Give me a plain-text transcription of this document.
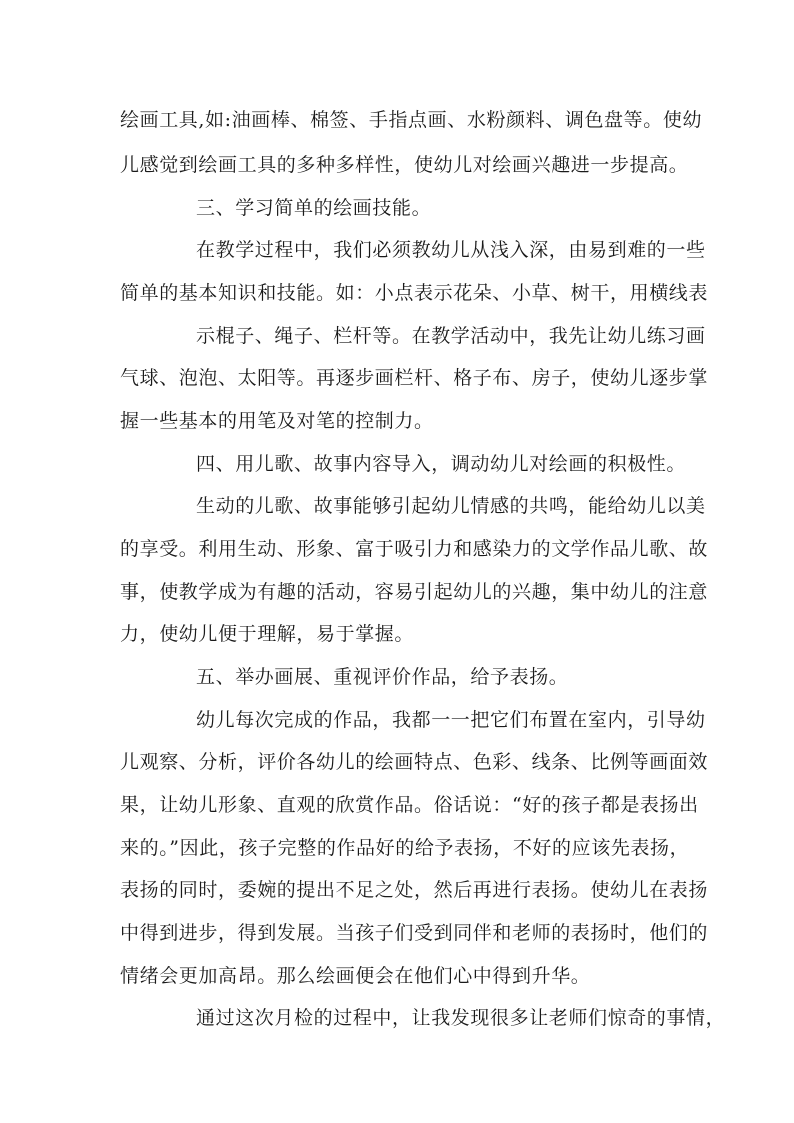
绘画工具,如:油画棒、棉签、手指点画、水粉颜料、调色盘等。使幼
儿感觉到绘画工具的多种多样性，使幼儿对绘画兴趣进一步提高。
三、学习简单的绘画技能。
在教学过程中，我们必须教幼儿从浅入深，由易到难的一些
简单的基本知识和技能。如：小点表示花朵、小草、树干，用横线表
示棍子、绳子、栏杆等。在教学活动中，我先让幼儿练习画
气球、泡泡、太阳等。再逐步画栏杆、格子布、房子，使幼儿逐步掌
握一些基本的用笔及对笔的控制力。
四、用儿歌、故事内容导入，调动幼儿对绘画的积极性。
生动的儿歌、故事能够引起幼儿情感的共鸣，能给幼儿以美
的享受。利用生动、形象、富于吸引力和感染力的文学作品儿歌、故
事，使教学成为有趣的活动，容易引起幼儿的兴趣，集中幼儿的注意
力，使幼儿便于理解，易于掌握。
五、举办画展、重视评价作品，给予表扬。
幼儿每次完成的作品，我都一一把它们布置在室内，引导幼
儿观察、分析，评价各幼儿的绘画特点、色彩、线条、比例等画面效
果，让幼儿形象、直观的欣赏作品。俗话说：“好的孩子都是表扬出
来的。”因此，孩子完整的作品好的给予表扬，不好的应该先表扬，
表扬的同时，委婉的提出不足之处，然后再进行表扬。使幼儿在表扬
中得到进步，得到发展。当孩子们受到同伴和老师的表扬时，他们的
情绪会更加高昂。那么绘画便会在他们心中得到升华。
通过这次月检的过程中，让我发现很多让老师们惊奇的事情，
